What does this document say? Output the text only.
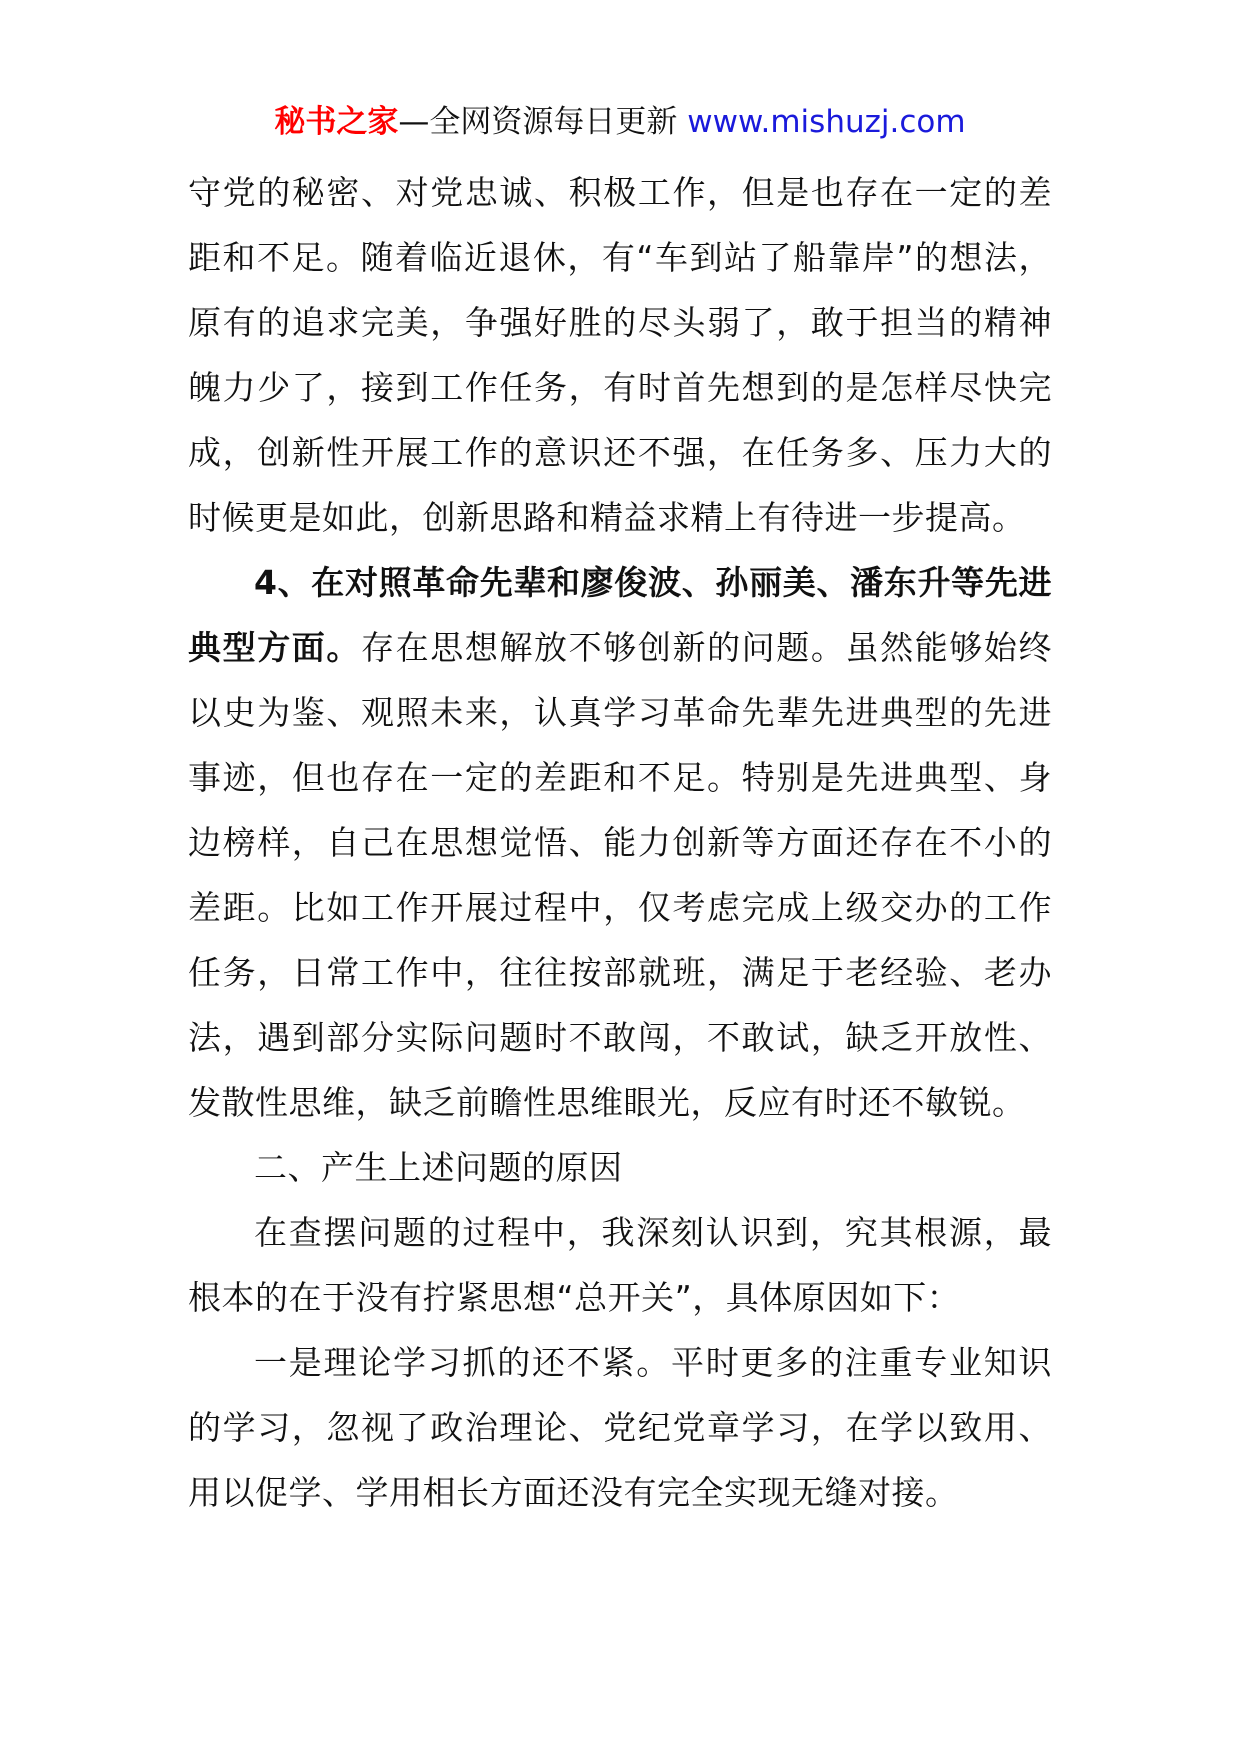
秘书之家—全网资源每日更新 www.mishuzj.com

守党的秘密、对党忠诚、积极工作，但是也存在一定的差距和不足。随着临近退休，有“车到站了船靠岸”的想法，原有的追求完美，争强好胜的尽头弱了，敢于担当的精神魄力少了，接到工作任务，有时首先想到的是怎样尽快完成，创新性开展工作的意识还不强，在任务多、压力大的时候更是如此，创新思路和精益求精上有待进一步提高。

4、在对照革命先辈和廖俊波、孙丽美、潘东升等先进典型方面。存在思想解放不够创新的问题。虽然能够始终以史为鉴、观照未来，认真学习革命先辈先进典型的先进事迹，但也存在一定的差距和不足。特别是先进典型、身边榜样，自己在思想觉悟、能力创新等方面还存在不小的差距。比如工作开展过程中，仅考虑完成上级交办的工作任务，日常工作中，往往按部就班，满足于老经验、老办法，遇到部分实际问题时不敢闯，不敢试，缺乏开放性、发散性思维，缺乏前瞻性思维眼光，反应有时还不敏锐。

二、产生上述问题的原因

在查摆问题的过程中，我深刻认识到，究其根源，最根本的在于没有拧紧思想“总开关”，具体原因如下：

一是理论学习抓的还不紧。平时更多的注重专业知识的学习，忽视了政治理论、党纪党章学习，在学以致用、用以促学、学用相长方面还没有完全实现无缝对接。
